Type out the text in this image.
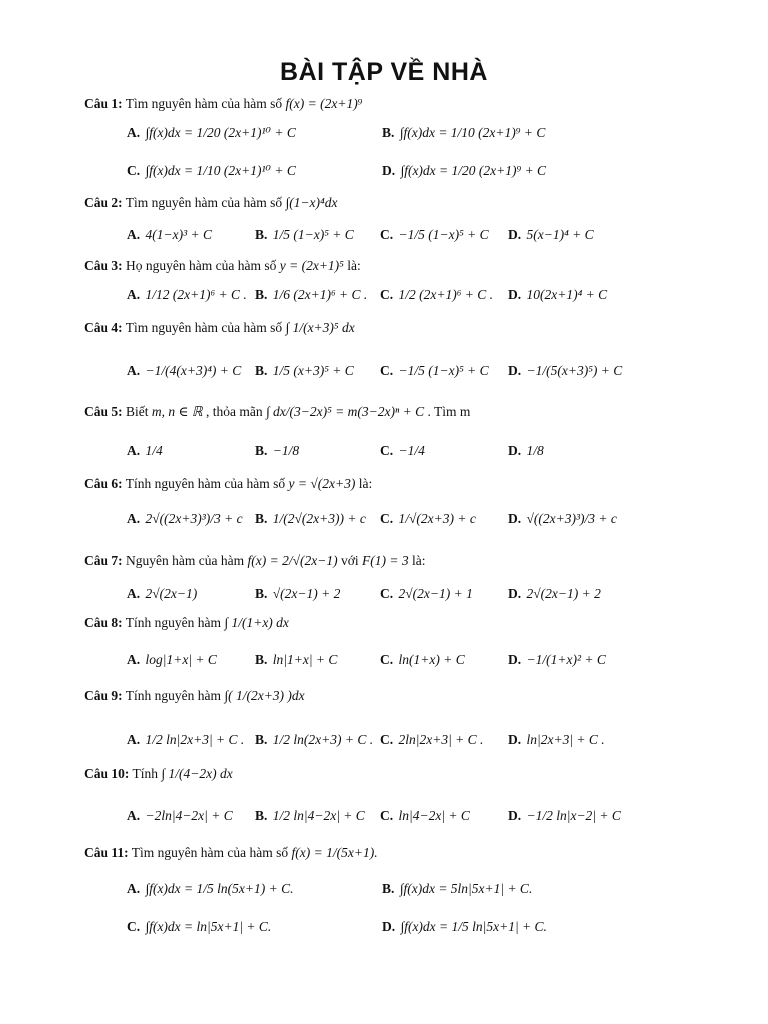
BÀI TẬP VỀ NHÀ
Câu 1: Tìm nguyên hàm của hàm số f(x) = (2x+1)⁹
A. ∫f(x)dx = 1/20 (2x+1)¹⁰ + C	B. ∫f(x)dx = 1/10 (2x+1)⁹ + C
C. ∫f(x)dx = 1/10 (2x+1)¹⁰ + C	D. ∫f(x)dx = 1/20 (2x+1)⁹ + C
Câu 2: Tìm nguyên hàm của hàm số ∫(1−x)⁴dx
A. 4(1−x)³ + C	B. 1/5 (1−x)⁵ + C C. −1/5 (1−x)⁵ + C D. 5(x−1)⁴ + C
Câu 3: Họ nguyên hàm của hàm số y = (2x+1)⁵ là:
A. 1/12 (2x+1)⁶ + C . B. 1/6 (2x+1)⁶ + C . C. 1/2 (2x+1)⁶ + C . D. 10(2x+1)⁴ + C
Câu 4: Tìm nguyên hàm của hàm số ∫ 1/(x+3)⁵ dx
A. −1/(4(x+3)⁴) + C B. 1/5 (x+3)⁵ + C C. −1/5 (1−x)⁵ + C D. −1/(5(x+3)⁵) + C
Câu 5: Biết m, n ∈ ℝ , thỏa mãn ∫ dx/(3−2x)⁵ = m(3−2x)ⁿ + C . Tìm m
A. 1/4	B. −1/8	C. −1/4	D. 1/8
Câu 6: Tính nguyên hàm của hàm số y = √(2x+3) là:
A. 2√((2x+3)³)/3 + c B. 1/(2√(2x+3)) + c C. 1/√(2x+3) + c D. √((2x+3)³)/3 + c
Câu 7: Nguyên hàm của hàm f(x) = 2/√(2x−1) với F(1) = 3 là:
A. 2√(2x−1)	B. √(2x−1) + 2	C. 2√(2x−1) + 1	D. 2√(2x−1) + 2
Câu 8: Tính nguyên hàm ∫ 1/(1+x) dx
A. log|1+x| + C	B. ln|1+x| + C	C. ln(1+x) + C	D. −1/(1+x)² + C
Câu 9: Tính nguyên hàm ∫( 1/(2x+3) )dx
A. 1/2 ln|2x+3| + C . B. 1/2 ln(2x+3) + C . C. 2ln|2x+3| + C . D. ln|2x+3| + C .
Câu 10: Tính ∫ 1/(4−2x) dx
A. −2ln|4−2x| + C B. 1/2 ln|4−2x| + C C. ln|4−2x| + C	D. −1/2 ln|x−2| + C
Câu 11: Tìm nguyên hàm của hàm số f(x) = 1/(5x+1).
A. ∫f(x)dx = 1/5 ln(5x+1) + C.	B. ∫f(x)dx = 5ln|5x+1| + C.
C. ∫f(x)dx = ln|5x+1| + C.	D. ∫f(x)dx = 1/5 ln|5x+1| + C.
